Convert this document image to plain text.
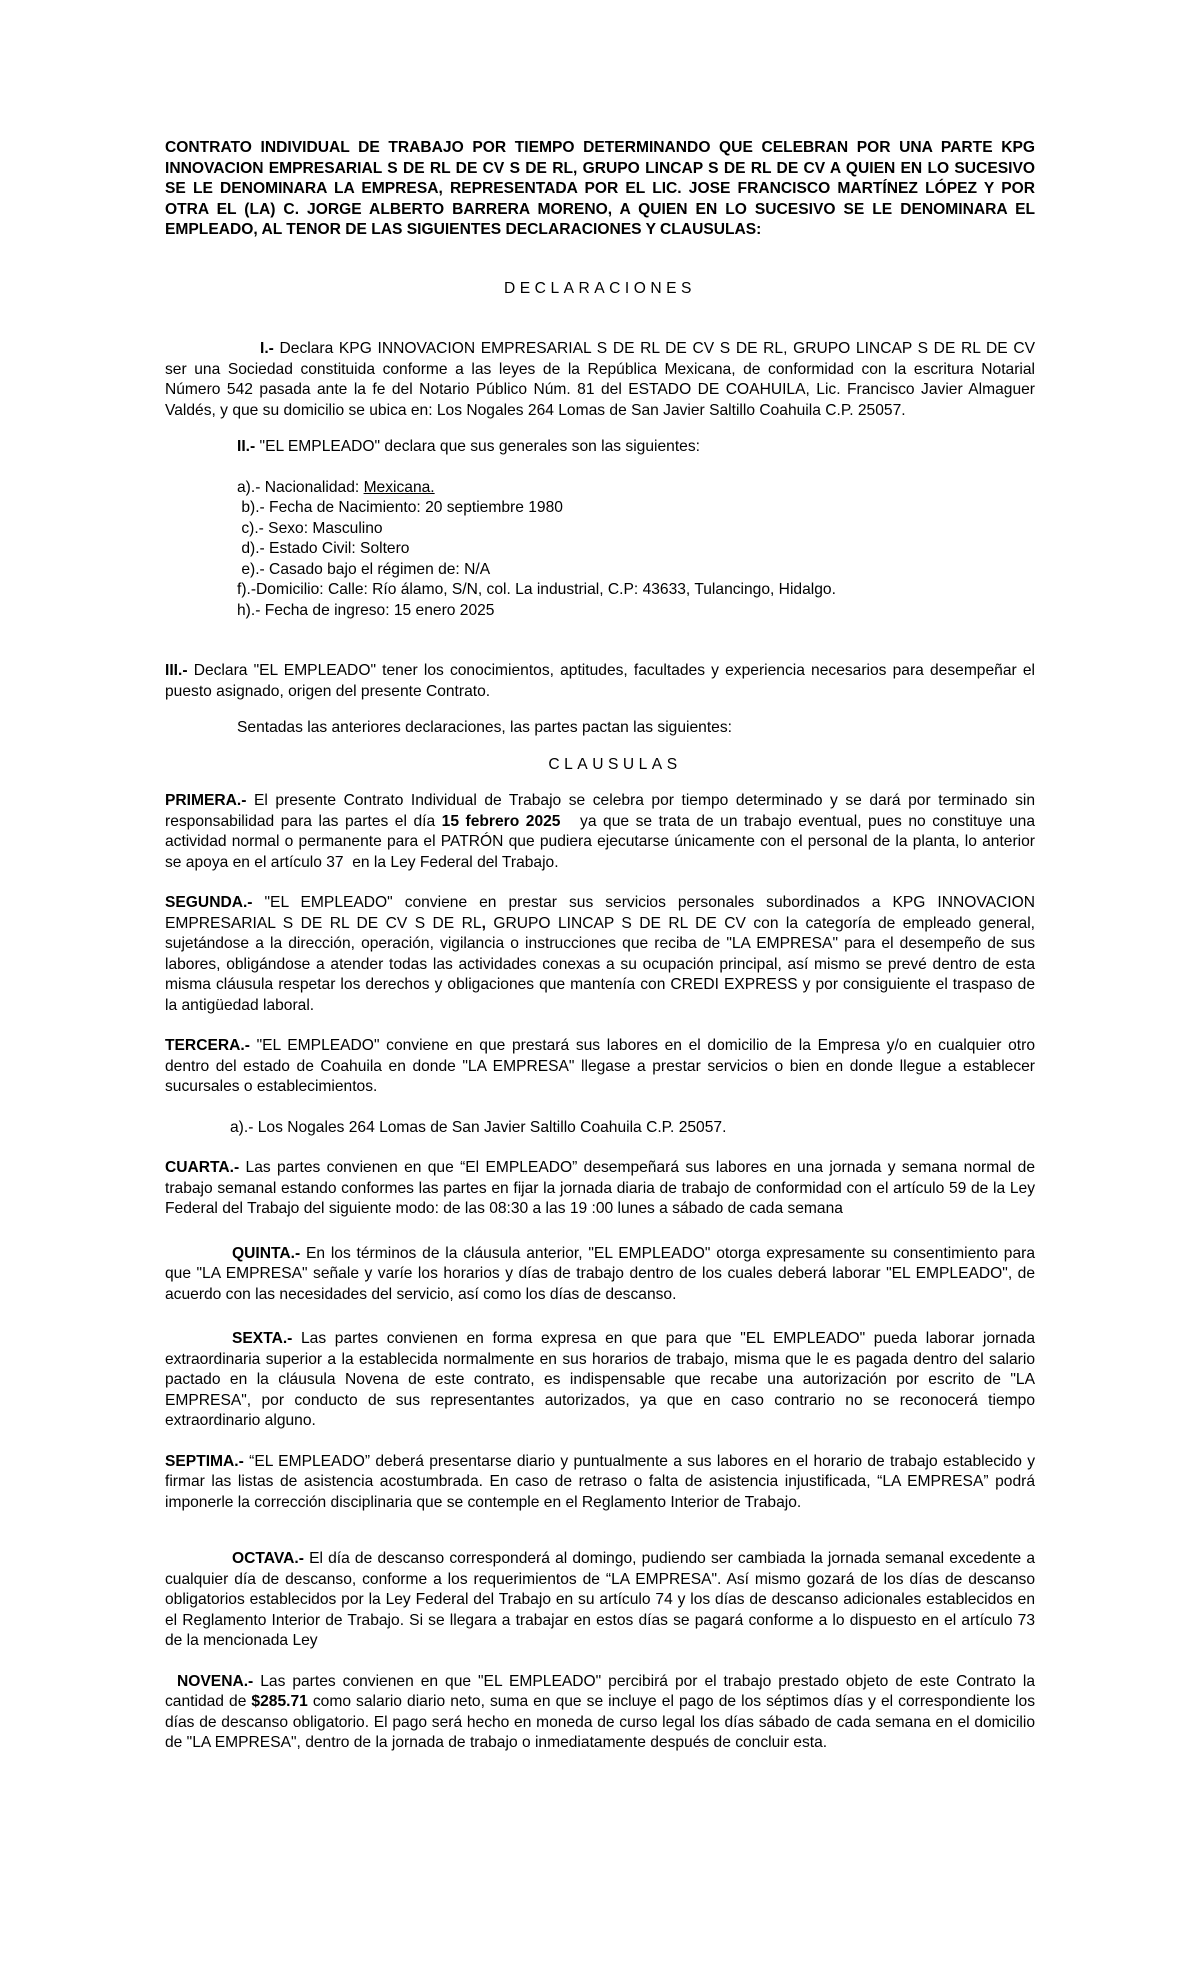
CONTRATO INDIVIDUAL DE TRABAJO POR TIEMPO DETERMINANDO QUE CELEBRAN POR UNA PARTE KPG INNOVACION EMPRESARIAL S DE RL DE CV S DE RL, GRUPO LINCAP S DE RL DE CV A QUIEN EN LO SUCESIVO SE LE DENOMINARA LA EMPRESA, REPRESENTADA POR EL LIC. JOSE FRANCISCO MARTÍNEZ LÓPEZ Y POR OTRA EL (LA) C. JORGE ALBERTO BARRERA MORENO, A QUIEN EN LO SUCESIVO SE LE DENOMINARA EL EMPLEADO, AL TENOR DE LAS SIGUIENTES DECLARACIONES Y CLAUSULAS:

DECLARACIONES

I.- Declara KPG INNOVACION EMPRESARIAL S DE RL DE CV S DE RL, GRUPO LINCAP S DE RL DE CV ser una Sociedad constituida conforme a las leyes de la República Mexicana, de conformidad con la escritura Notarial Número 542 pasada ante la fe del Notario Público Núm. 81 del ESTADO DE COAHUILA, Lic. Francisco Javier Almaguer Valdés, y que su domicilio se ubica en: Los Nogales 264 Lomas de San Javier Saltillo Coahuila C.P. 25057.

II.- "EL EMPLEADO" declara que sus generales son las siguientes:

a).- Nacionalidad: Mexicana.
b).- Fecha de Nacimiento: 20 septiembre 1980
c).- Sexo: Masculino
d).- Estado Civil: Soltero
e).- Casado bajo el régimen de: N/A
f).-Domicilio: Calle: Río álamo, S/N, col. La industrial, C.P: 43633, Tulancingo, Hidalgo.
h).- Fecha de ingreso: 15 enero 2025

III.- Declara "EL EMPLEADO" tener los conocimientos, aptitudes, facultades y experiencia necesarios para desempeñar el puesto asignado, origen del presente Contrato.

Sentadas las anteriores declaraciones, las partes pactan las siguientes:

CLAUSULAS

PRIMERA.- El presente Contrato Individual de Trabajo se celebra por tiempo determinado y se dará por terminado sin responsabilidad para las partes el día 15 febrero 2025   ya que se trata de un trabajo eventual, pues no constituye una actividad normal o permanente para el PATRÓN que pudiera ejecutarse únicamente con el personal de la planta, lo anterior se apoya en el artículo 37  en la Ley Federal del Trabajo.

SEGUNDA.- "EL EMPLEADO" conviene en prestar sus servicios personales subordinados a KPG INNOVACION EMPRESARIAL S DE RL DE CV S DE RL, GRUPO LINCAP S DE RL DE CV con la categoría de empleado general, sujetándose a la dirección, operación, vigilancia o instrucciones que reciba de "LA EMPRESA" para el desempeño de sus labores, obligándose a atender todas las actividades conexas a su ocupación principal, así mismo se prevé dentro de esta misma cláusula respetar los derechos y obligaciones que mantenía con CREDI EXPRESS y por consiguiente el traspaso de la antigüedad laboral.

TERCERA.- "EL EMPLEADO" conviene en que prestará sus labores en el domicilio de la Empresa y/o en cualquier otro dentro del estado de Coahuila en donde "LA EMPRESA" llegase a prestar servicios o bien en donde llegue a establecer sucursales o establecimientos.

a).- Los Nogales 264 Lomas de San Javier Saltillo Coahuila C.P. 25057.

CUARTA.- Las partes convienen en que “El EMPLEADO” desempeñará sus labores en una jornada y semana normal de trabajo semanal estando conformes las partes en fijar la jornada diaria de trabajo de conformidad con el artículo 59 de la Ley Federal del Trabajo del siguiente modo: de las 08:30 a las 19 :00 lunes a sábado de cada semana

QUINTA.- En los términos de la cláusula anterior, "EL EMPLEADO" otorga expresamente su consentimiento para que "LA EMPRESA" señale y varíe los horarios y días de trabajo dentro de los cuales deberá laborar "EL EMPLEADO", de acuerdo con las necesidades del servicio, así como los días de descanso.

SEXTA.- Las partes convienen en forma expresa en que para que "EL EMPLEADO" pueda laborar jornada extraordinaria superior a la establecida normalmente en sus horarios de trabajo, misma que le es pagada dentro del salario pactado en la cláusula Novena de este contrato, es indispensable que recabe una autorización por escrito de "LA EMPRESA", por conducto de sus representantes autorizados, ya que en caso contrario no se reconocerá tiempo extraordinario alguno.

SEPTIMA.- “EL EMPLEADO” deberá presentarse diario y puntualmente a sus labores en el horario de trabajo establecido y firmar las listas de asistencia acostumbrada. En caso de retraso o falta de asistencia injustificada, “LA EMPRESA” podrá imponerle la corrección disciplinaria que se contemple en el Reglamento Interior de Trabajo.

OCTAVA.- El día de descanso corresponderá al domingo, pudiendo ser cambiada la jornada semanal excedente a cualquier día de descanso, conforme a los requerimientos de “LA EMPRESA". Así mismo gozará de los días de descanso obligatorios establecidos por la Ley Federal del Trabajo en su artículo 74 y los días de descanso adicionales establecidos en el Reglamento Interior de Trabajo. Si se llegara a trabajar en estos días se pagará conforme a lo dispuesto en el artículo 73 de la mencionada Ley

NOVENA.- Las partes convienen en que "EL EMPLEADO" percibirá por el trabajo prestado objeto de este Contrato la cantidad de $285.71 como salario diario neto, suma en que se incluye el pago de los séptimos días y el correspondiente los días de descanso obligatorio. El pago será hecho en moneda de curso legal los días sábado de cada semana en el domicilio de "LA EMPRESA", dentro de la jornada de trabajo o inmediatamente después de concluir esta.
